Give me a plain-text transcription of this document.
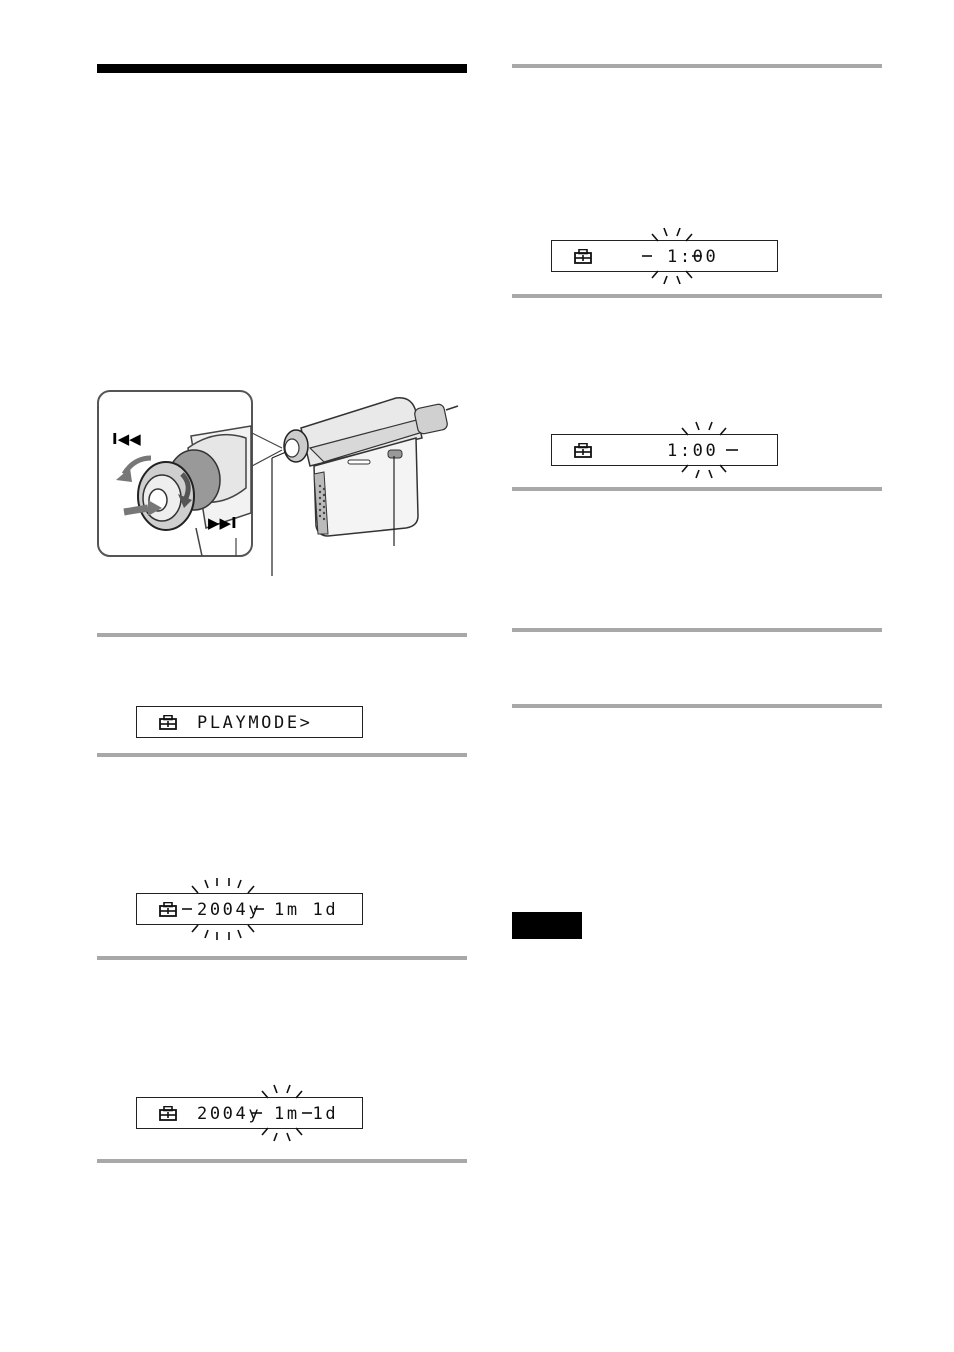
I◀◀
▶▶I
PLAYMODE>
2004y 1m 1d
2004y 1m 1d
1:00
1:00
